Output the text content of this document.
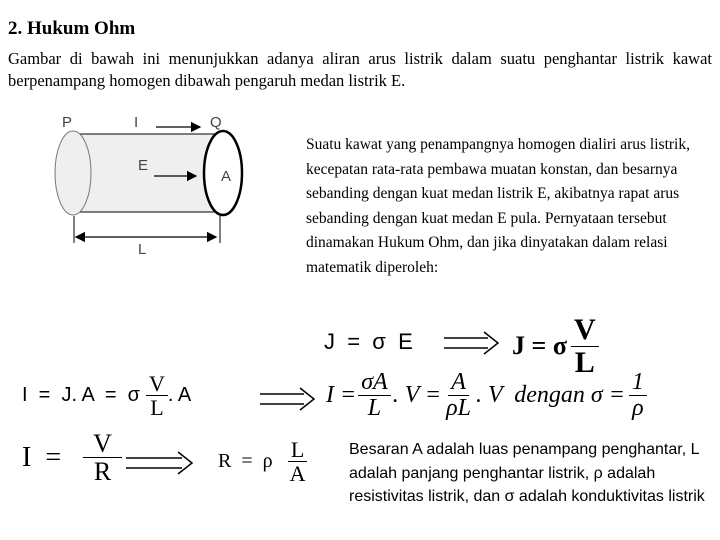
2. Hukum Ohm
Gambar di bawah ini menunjukkan adanya aliran arus listrik dalam suatu penghantar listrik kawat berpenampang homogen dibawah pengaruh medan listrik E.
P	I	Q
E
A
L
Suatu kawat yang penampangnya homogen dialiri arus listrik, kecepatan rata-rata pembawa muatan konstan, dan besarnya sebanding dengan kuat medan listrik E, akibatnya rapat arus sebanding dengan kuat medan E pula. Pernyataan tersebut dinamakan Hukum Ohm, dan jika dinyatakan dalam relasi matematik diperoleh:
J  =  σ  E	J = σ $\frac{V}{L}$
I  =  J. A  =  σ $\frac{V}{L}$ . A	$I = \frac{\sigma A}{L}$ . $V = \frac{A}{\rho L}$ . V  dengan $\sigma = \frac{1}{\rho}$
$I = \frac{V}{R}$	R  =  ρ $\frac{L}{A}$	Besaran A adalah luas penampang penghantar, L adalah panjang penghantar listrik, ρ adalah resistivitas listrik, dan σ adalah konduktivitas listrik
